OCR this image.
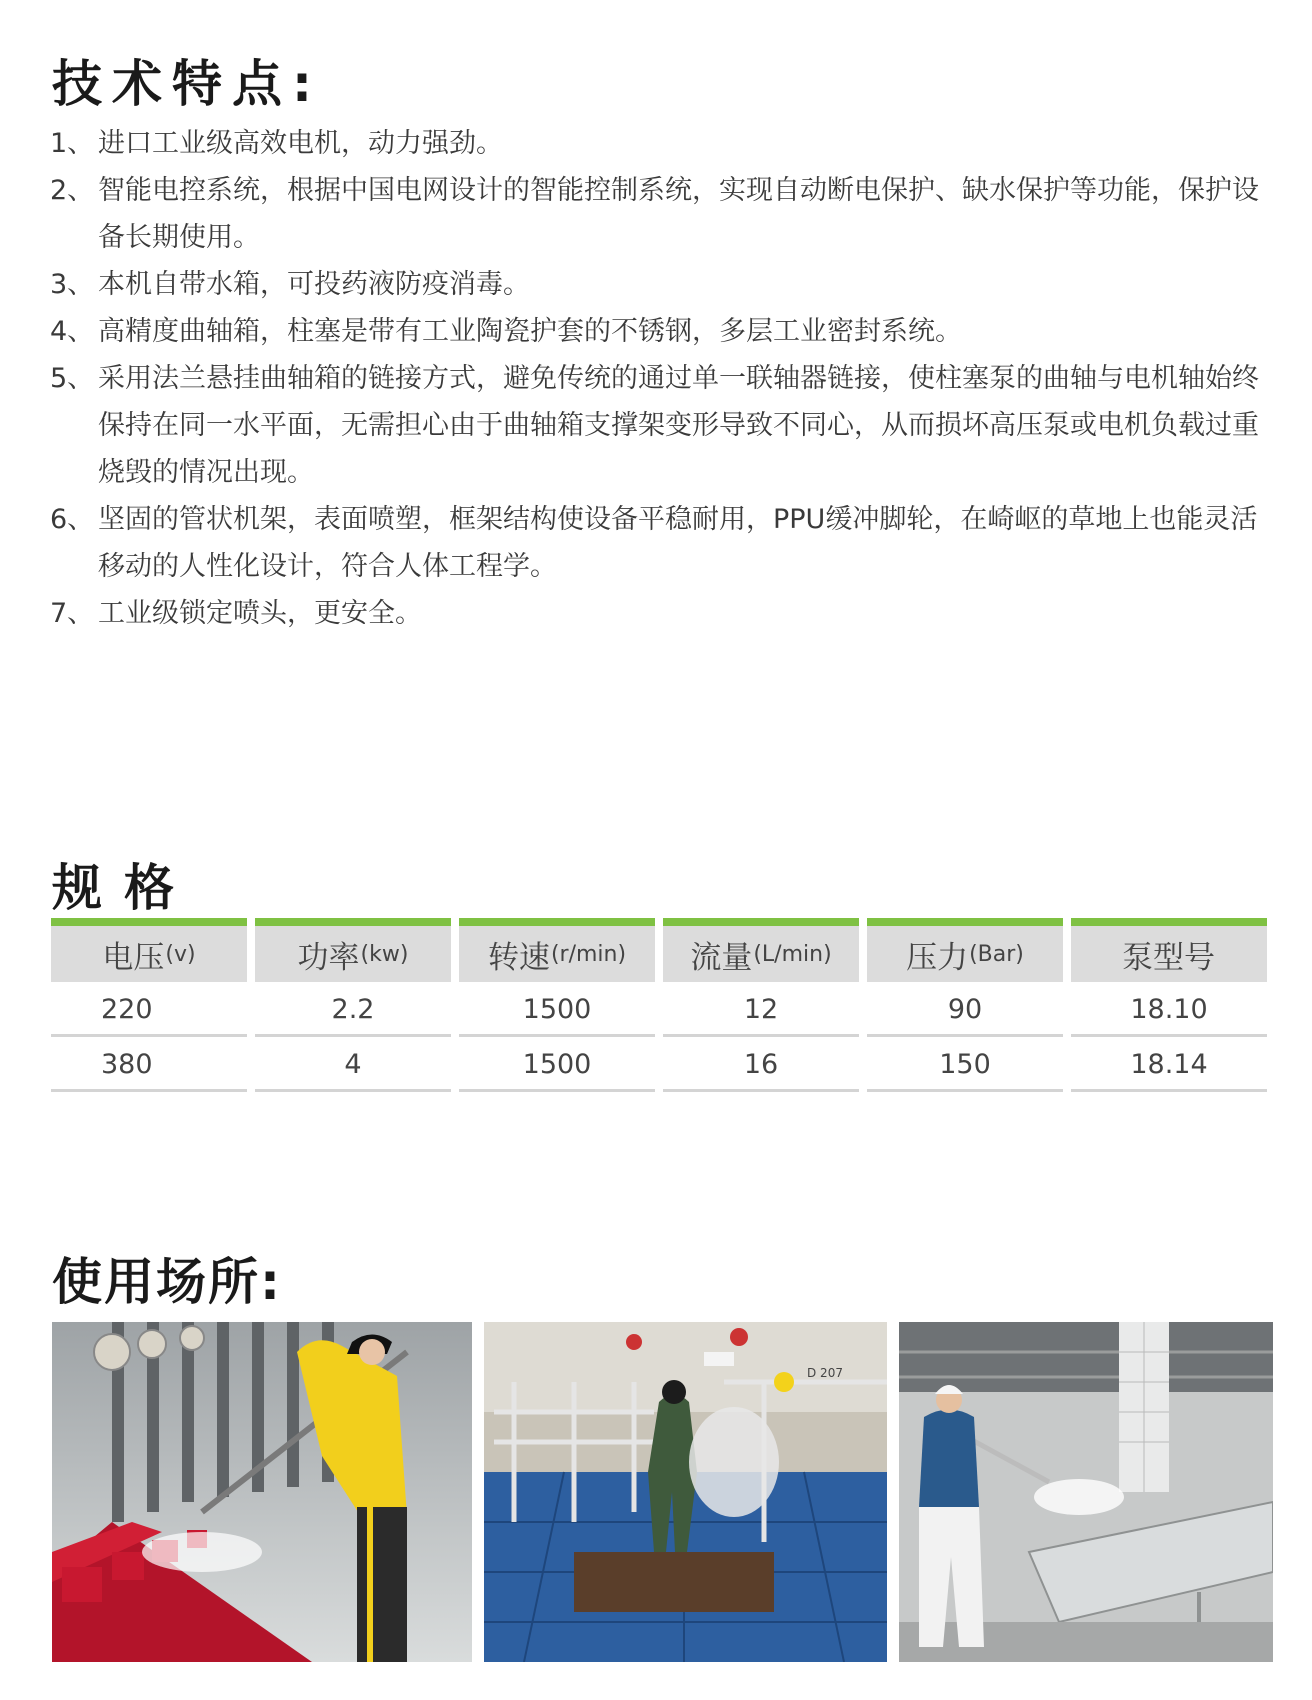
技术特点:
1、 进口工业级高效电机，动力强劲。
2、 智能电控系统，根据中国电网设计的智能控制系统，实现自动断电保护、缺水保护等功能，保护设备长期使用。
3、 本机自带水箱，可投药液防疫消毒。
4、 高精度曲轴箱，柱塞是带有工业陶瓷护套的不锈钢，多层工业密封系统。
5、 采用法兰悬挂曲轴箱的链接方式，避免传统的通过单一联轴器链接，使柱塞泵的曲轴与电机轴始终保持在同一水平面，无需担心由于曲轴箱支撑架变形导致不同心，从而损坏高压泵或电机负载过重烧毁的情况出现。
6、 坚固的管状机架，表面喷塑，框架结构使设备平稳耐用，PPU缓冲脚轮，在崎岖的草地上也能灵活移动的人性化设计，符合人体工程学。
7、 工业级锁定喷头，更安全。
规格
电压 (v)	功率 (kw)	转速 (r/min) 流量 (L/min) 压力 (Bar)	泵型号
220	2.2	1500	12	90	18.10
380	4	1500	16	150	18.14
使用场所:
D 207
